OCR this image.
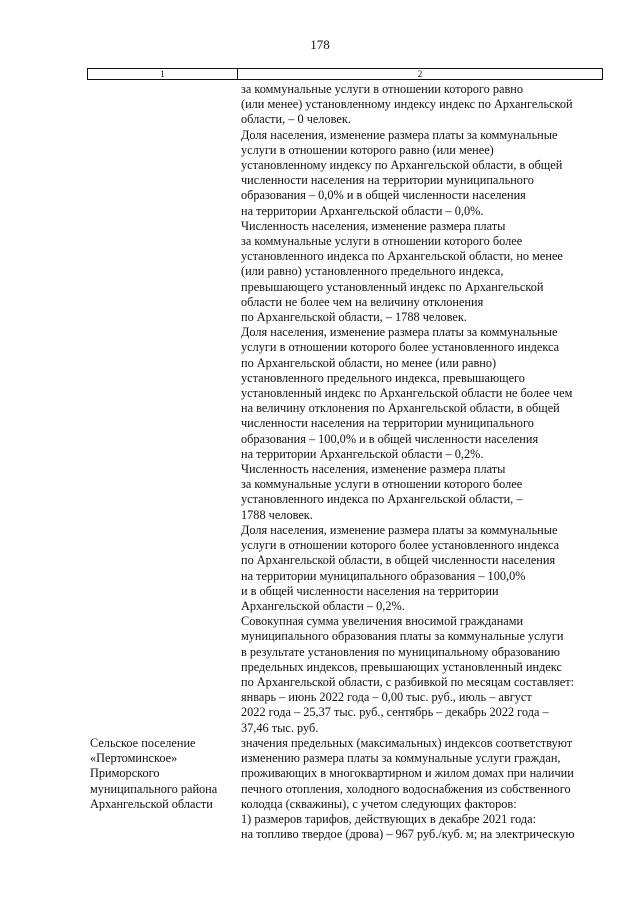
178
1	2
за коммунальные услуги в отношении которого равно
(или менее) установленному индексу индекс по Архангельской
области, – 0 человек.
Доля населения, изменение размера платы за коммунальные
услуги в отношении которого равно (или менее)
установленному индексу по Архангельской области, в общей
численности населения на территории муниципального
образования – 0,0% и в общей численности населения
на территории Архангельской области – 0,0%.
Численность населения, изменение размера платы
за коммунальные услуги в отношении которого более
установленного индекса по Архангельской области, но менее
(или равно) установленного предельного индекса,
превышающего установленный индекс по Архангельской
области не более чем на величину отклонения
по Архангельской области, – 1788 человек.
Доля населения, изменение размера платы за коммунальные
услуги в отношении которого более установленного индекса
по Архангельской области, но менее (или равно)
установленного предельного индекса, превышающего
установленный индекс по Архангельской области не более чем
на величину отклонения по Архангельской области, в общей
численности населения на территории муниципального
образования – 100,0% и в общей численности населения
на территории Архангельской области – 0,2%.
Численность населения, изменение размера платы
за коммунальные услуги в отношении которого более
установленного индекса по Архангельской области, –
1788 человек.
Доля населения, изменение размера платы за коммунальные
услуги в отношении которого более установленного индекса
по Архангельской области, в общей численности населения
на территории муниципального образования – 100,0%
и в общей численности населения на территории
Архангельской области – 0,2%.
Совокупная сумма увеличения вносимой гражданами
муниципального образования платы за коммунальные услуги
в результате установления по муниципальному образованию
предельных индексов, превышающих установленный индекс
по Архангельской области, с разбивкой по месяцам составляет:
январь – июнь 2022 года – 0,00 тыс. руб., июль – август
2022 года – 25,37 тыс. руб., сентябрь – декабрь 2022 года –
37,46 тыс. руб.
Сельское поселение
«Пертоминское»
Приморского
муниципального района
Архангельской области
значения предельных (максимальных) индексов соответствуют
изменению размера платы за коммунальные услуги граждан,
проживающих в многоквартирном и жилом домах при наличии
печного отопления, холодного водоснабжения из собственного
колодца (скважины), с учетом следующих факторов:
1) размеров тарифов, действующих в декабре 2021 года:
на топливо твердое (дрова) – 967 руб./куб. м; на электрическую
